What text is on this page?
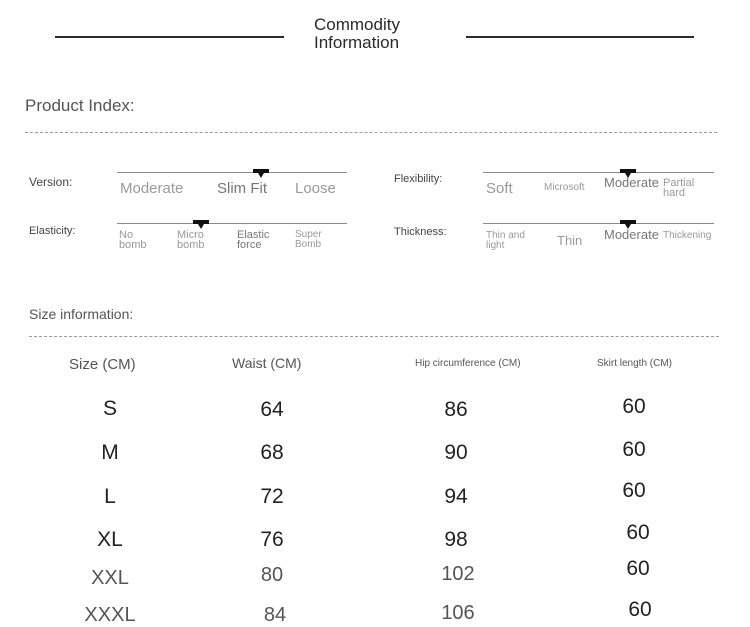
Commodity Information
Product Index:
Version:	Moderate Slim Fit Loose
Flexibility:
Soft	Microsoft Moderate Partial hard
Elasticity:	No bomb
Micro bomb
Elastic force
Super Bomb
Thickness:	Thin and light	Thin Moderate Thickening
Size information:
Size (CM)	Waist (CM)	Hip circumference (CM)	Skirt length (CM)
S	64	86	60
M	68	90	60
L	72	94	60
XL	76	98	60
XXL	80	102	60
XXXL	84	106	60
